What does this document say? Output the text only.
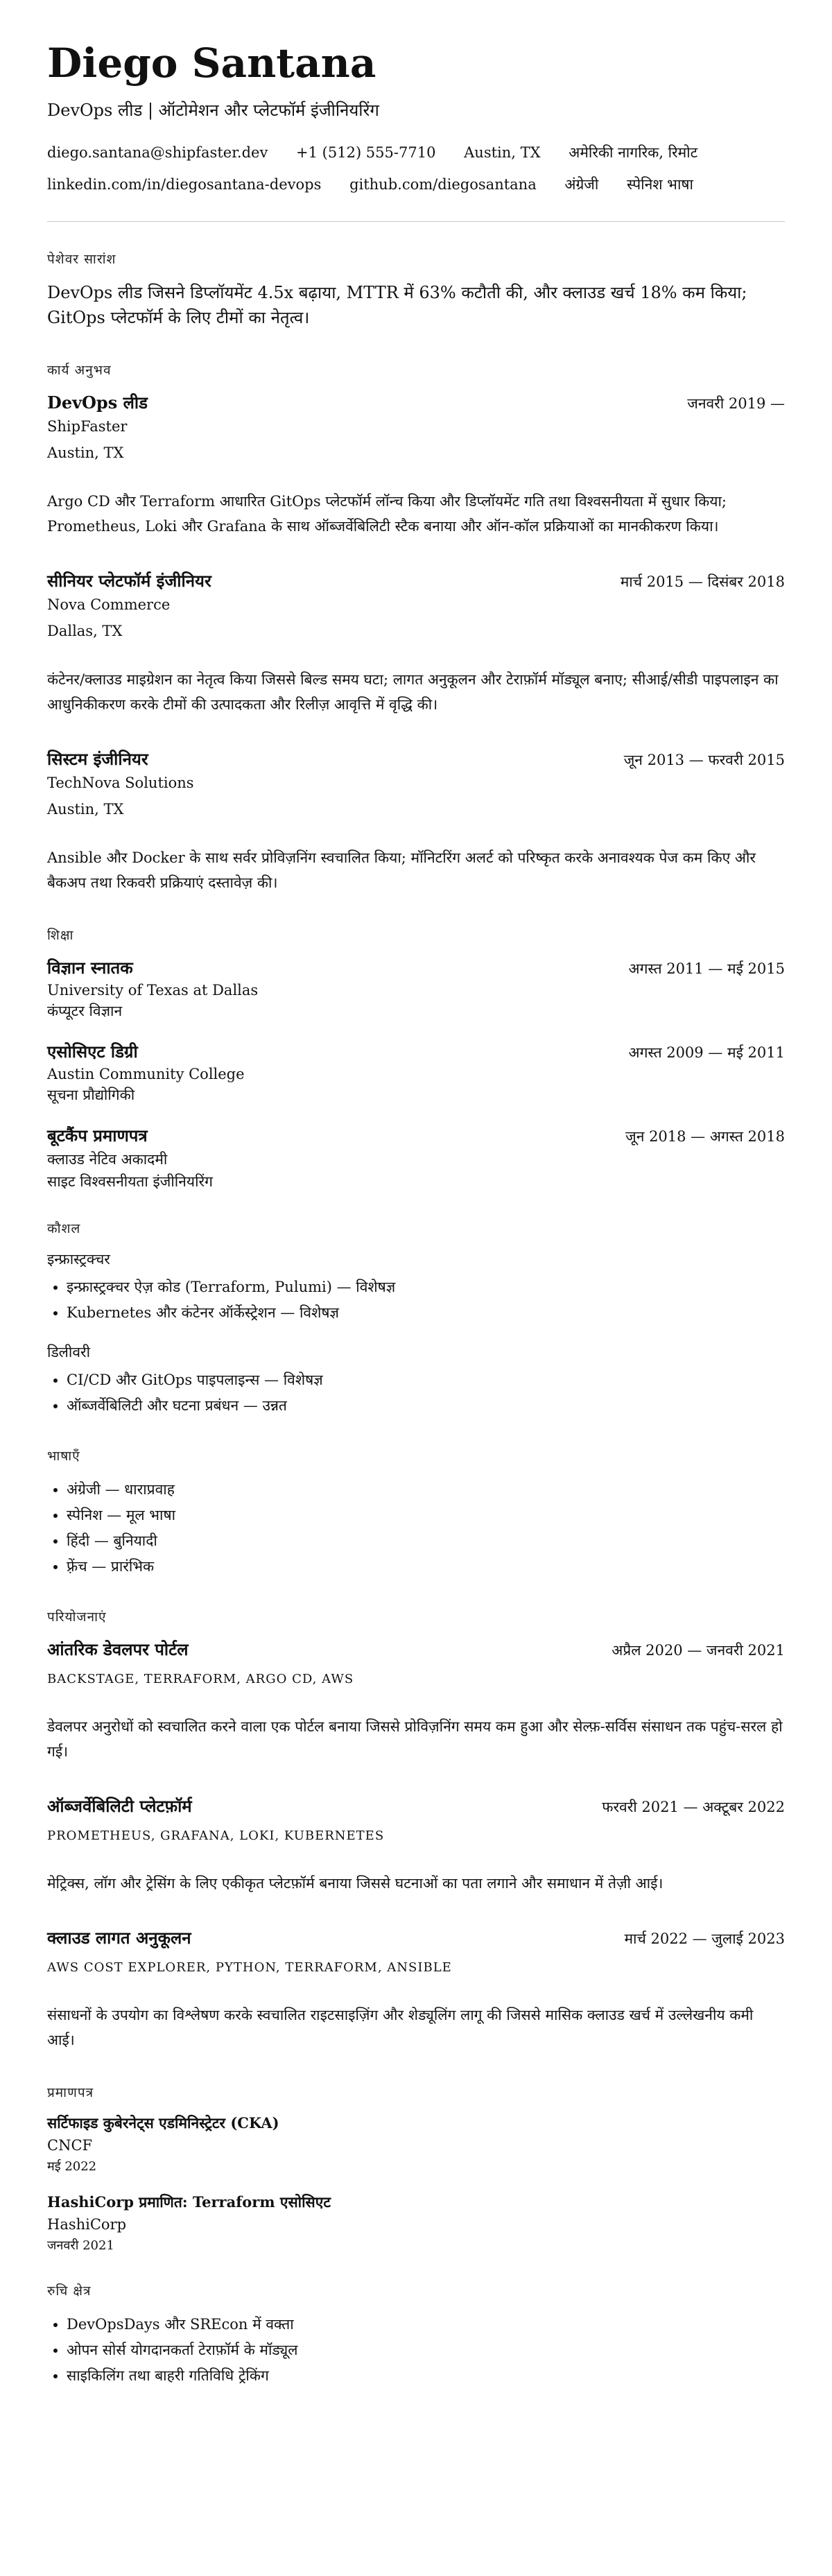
Diego Santana
DevOps लीड | ऑटोमेशन और प्लेटफॉर्म इंजीनियरिंग
diego.santana@shipfaster.dev +1 (512) 555-7710 Austin, TX अमेरिकी नागरिक, रिमोट
linkedin.com/in/diegosantana-devops github.com/diegosantana अंग्रेजी स्पेनिश भाषा
पेशेवर सारांश
DevOps लीड जिसने डिप्लॉयमेंट 4.5x बढ़ाया, MTTR में 63% कटौती की, और क्लाउड खर्च 18% कम किया; GitOps प्लेटफॉर्म के लिए टीमों का नेतृत्व।
कार्य अनुभव
DevOps लीड	जनवरी 2019 —
ShipFaster
Austin, TX
Argo CD और Terraform आधारित GitOps प्लेटफॉर्म लॉन्च किया और डिप्लॉयमेंट गति तथा विश्वसनीयता में सुधार किया; Prometheus, Loki और Grafana के साथ ऑब्जर्वेबिलिटी स्टैक बनाया और ऑन-कॉल प्रक्रियाओं का मानकीकरण किया।
सीनियर प्लेटफॉर्म इंजीनियर	मार्च 2015 — दिसंबर 2018
Nova Commerce
Dallas, TX
कंटेनर/क्लाउड माइग्रेशन का नेतृत्व किया जिससे बिल्ड समय घटा; लागत अनुकूलन और टेराफ़ॉर्म मॉड्यूल बनाए; सीआई/सीडी पाइपलाइन का आधुनिकीकरण करके टीमों की उत्पादकता और रिलीज़ आवृत्ति में वृद्धि की।
सिस्टम इंजीनियर	जून 2013 — फरवरी 2015
TechNova Solutions
Austin, TX
Ansible और Docker के साथ सर्वर प्रोविज़निंग स्वचालित किया; मॉनिटरिंग अलर्ट को परिष्कृत करके अनावश्यक पेज कम किए और बैकअप तथा रिकवरी प्रक्रियाएं दस्तावेज़ की।
शिक्षा
विज्ञान स्नातक	अगस्त 2011 — मई 2015
University of Texas at Dallas
कंप्यूटर विज्ञान
एसोसिएट डिग्री	अगस्त 2009 — मई 2011
Austin Community College
सूचना प्रौद्योगिकी
बूटकैंप प्रमाणपत्र	जून 2018 — अगस्त 2018
क्लाउड नेटिव अकादमी
साइट विश्वसनीयता इंजीनियरिंग
कौशल
इन्फ्रास्ट्रक्चर
• इन्फ्रास्ट्रक्चर ऐज़ कोड (Terraform, Pulumi) — विशेषज्ञ
• Kubernetes और कंटेनर ऑर्केस्ट्रेशन — विशेषज्ञ
डिलीवरी
• CI/CD और GitOps पाइपलाइन्स — विशेषज्ञ
• ऑब्जर्वेबिलिटी और घटना प्रबंधन — उन्नत
भाषाएँ
• अंग्रेजी — धाराप्रवाह
• स्पेनिश — मूल भाषा
• हिंदी — बुनियादी
• फ़्रेंच — प्रारंभिक
परियोजनाएं
आंतरिक डेवलपर पोर्टल	अप्रैल 2020 — जनवरी 2021
BACKSTAGE, TERRAFORM, ARGO CD, AWS
डेवलपर अनुरोधों को स्वचालित करने वाला एक पोर्टल बनाया जिससे प्रोविज़निंग समय कम हुआ और सेल्फ़-सर्विस संसाधन तक पहुंच-सरल हो गई।
ऑब्जर्वेबिलिटी प्लेटफ़ॉर्म	फरवरी 2021 — अक्टूबर 2022
PROMETHEUS, GRAFANA, LOKI, KUBERNETES
मेट्रिक्स, लॉग और ट्रेसिंग के लिए एकीकृत प्लेटफ़ॉर्म बनाया जिससे घटनाओं का पता लगाने और समाधान में तेज़ी आई।
क्लाउड लागत अनुकूलन	मार्च 2022 — जुलाई 2023
AWS COST EXPLORER, PYTHON, TERRAFORM, ANSIBLE
संसाधनों के उपयोग का विश्लेषण करके स्वचालित राइटसाइज़िंग और शेड्यूलिंग लागू की जिससे मासिक क्लाउड खर्च में उल्लेखनीय कमी आई।
प्रमाणपत्र
सर्टिफाइड कुबेरनेट्स एडमिनिस्ट्रेटर (CKA)
CNCF
मई 2022
HashiCorp प्रमाणित: Terraform एसोसिएट
HashiCorp
जनवरी 2021
रुचि क्षेत्र
• DevOpsDays और SREcon में वक्ता
• ओपन सोर्स योगदानकर्ता टेराफ़ॉर्म के मॉड्यूल
• साइकिलिंग तथा बाहरी गतिविधि ट्रेकिंग
